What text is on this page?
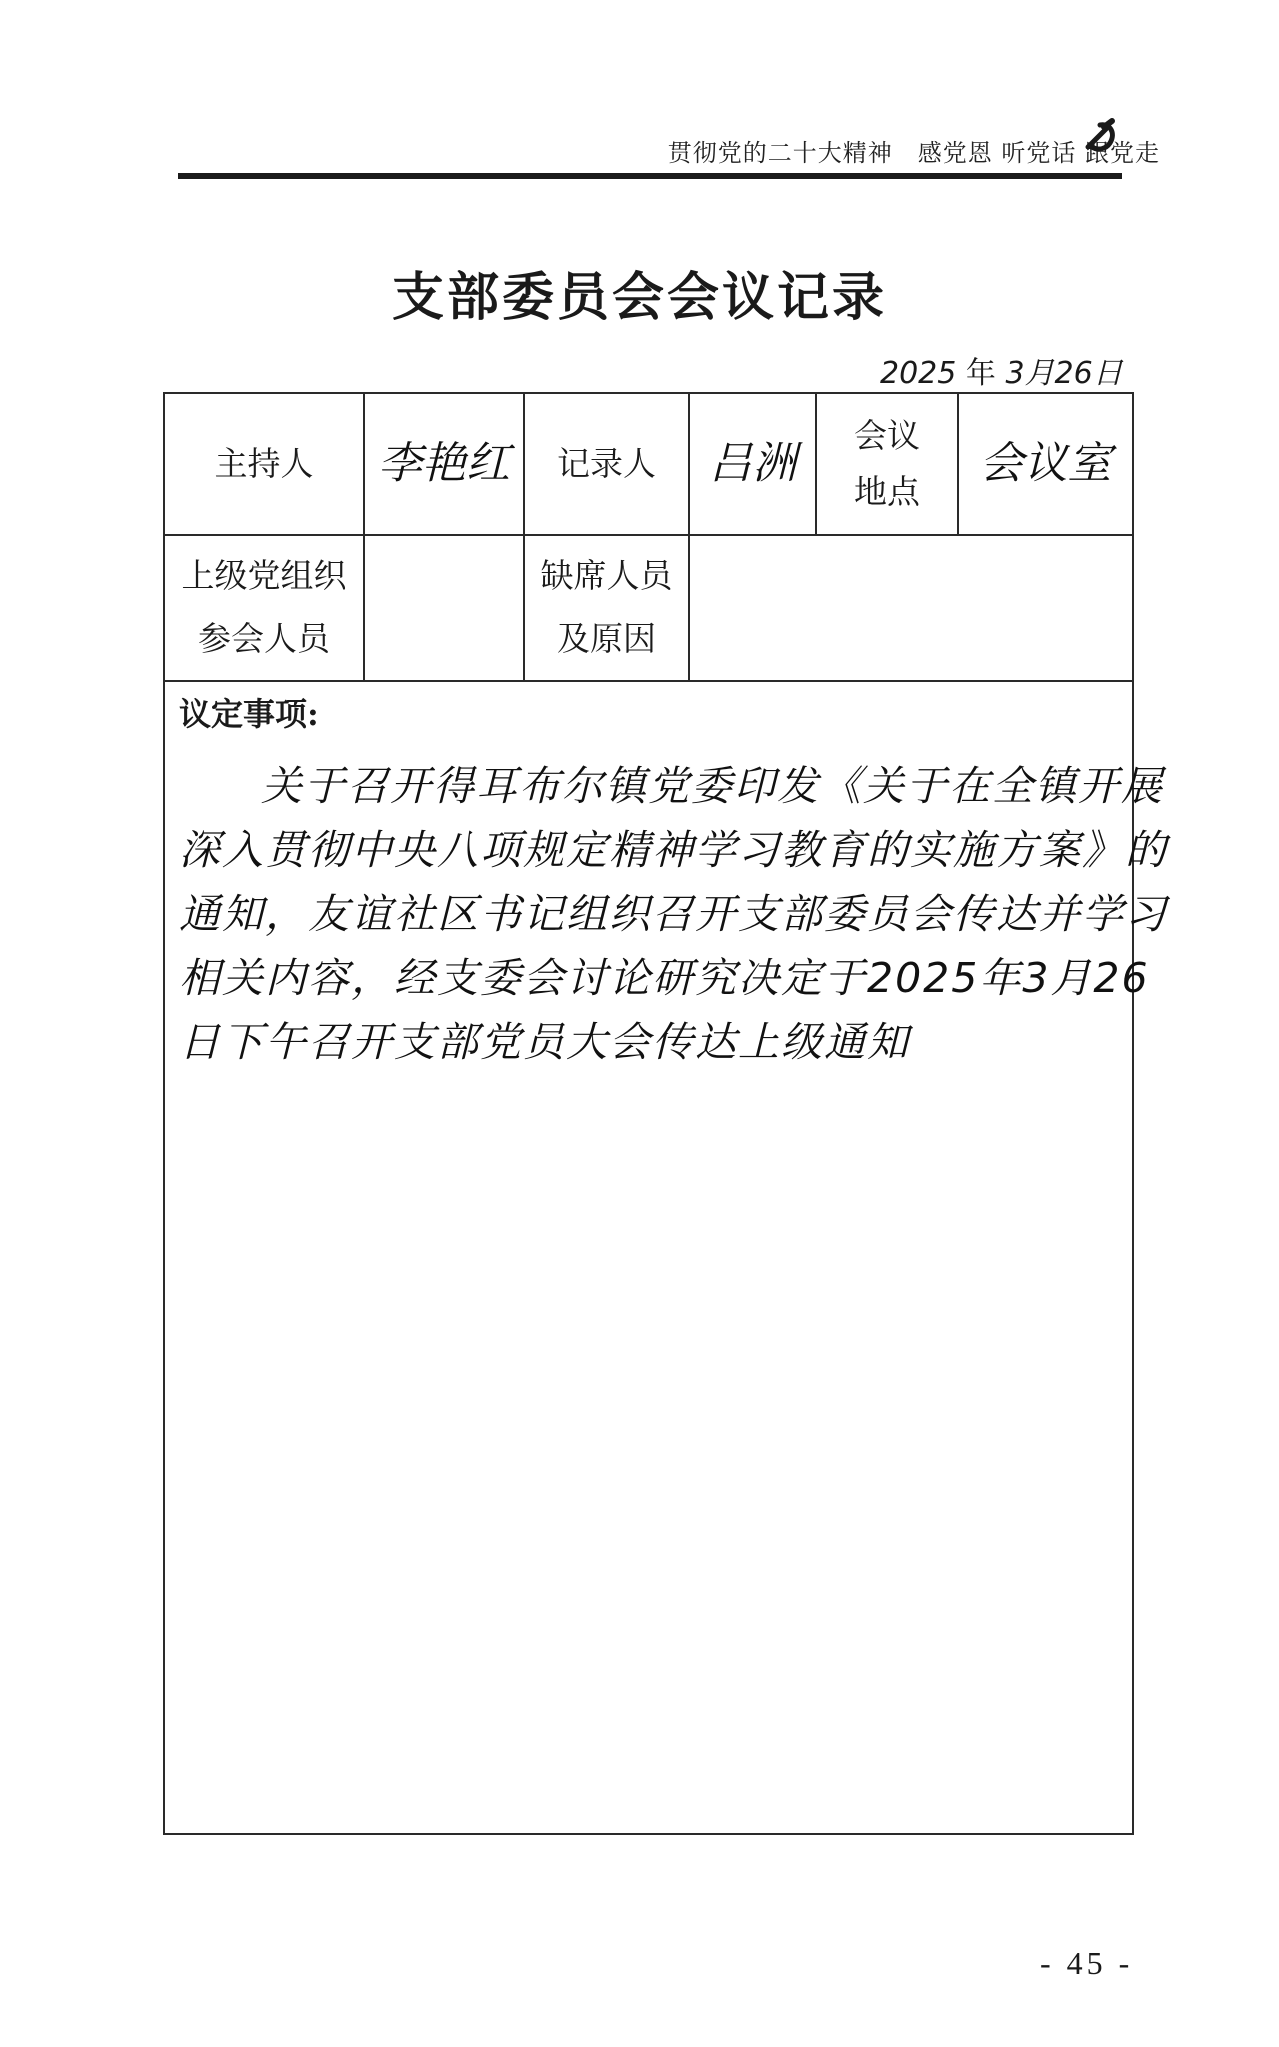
贯彻党的二十大精神　感党恩 听党话 跟党走
支部委员会会议记录
2025 年 3月26日
主持人 李艳红 记录人 吕洲
会议
地点
会议室
上级党组织
参会人员
缺席人员
及原因
议定事项:
关于召开得耳布尔镇党委印发《关于在全镇开展深入贯彻中央八项规定精神学习教育的实施方案》的通知，友谊社区书记组织召开支部委员会传达并学习相关内容，经支委会讨论研究决定于2025年3月26日下午召开支部党员大会传达上级通知
- 45 -
